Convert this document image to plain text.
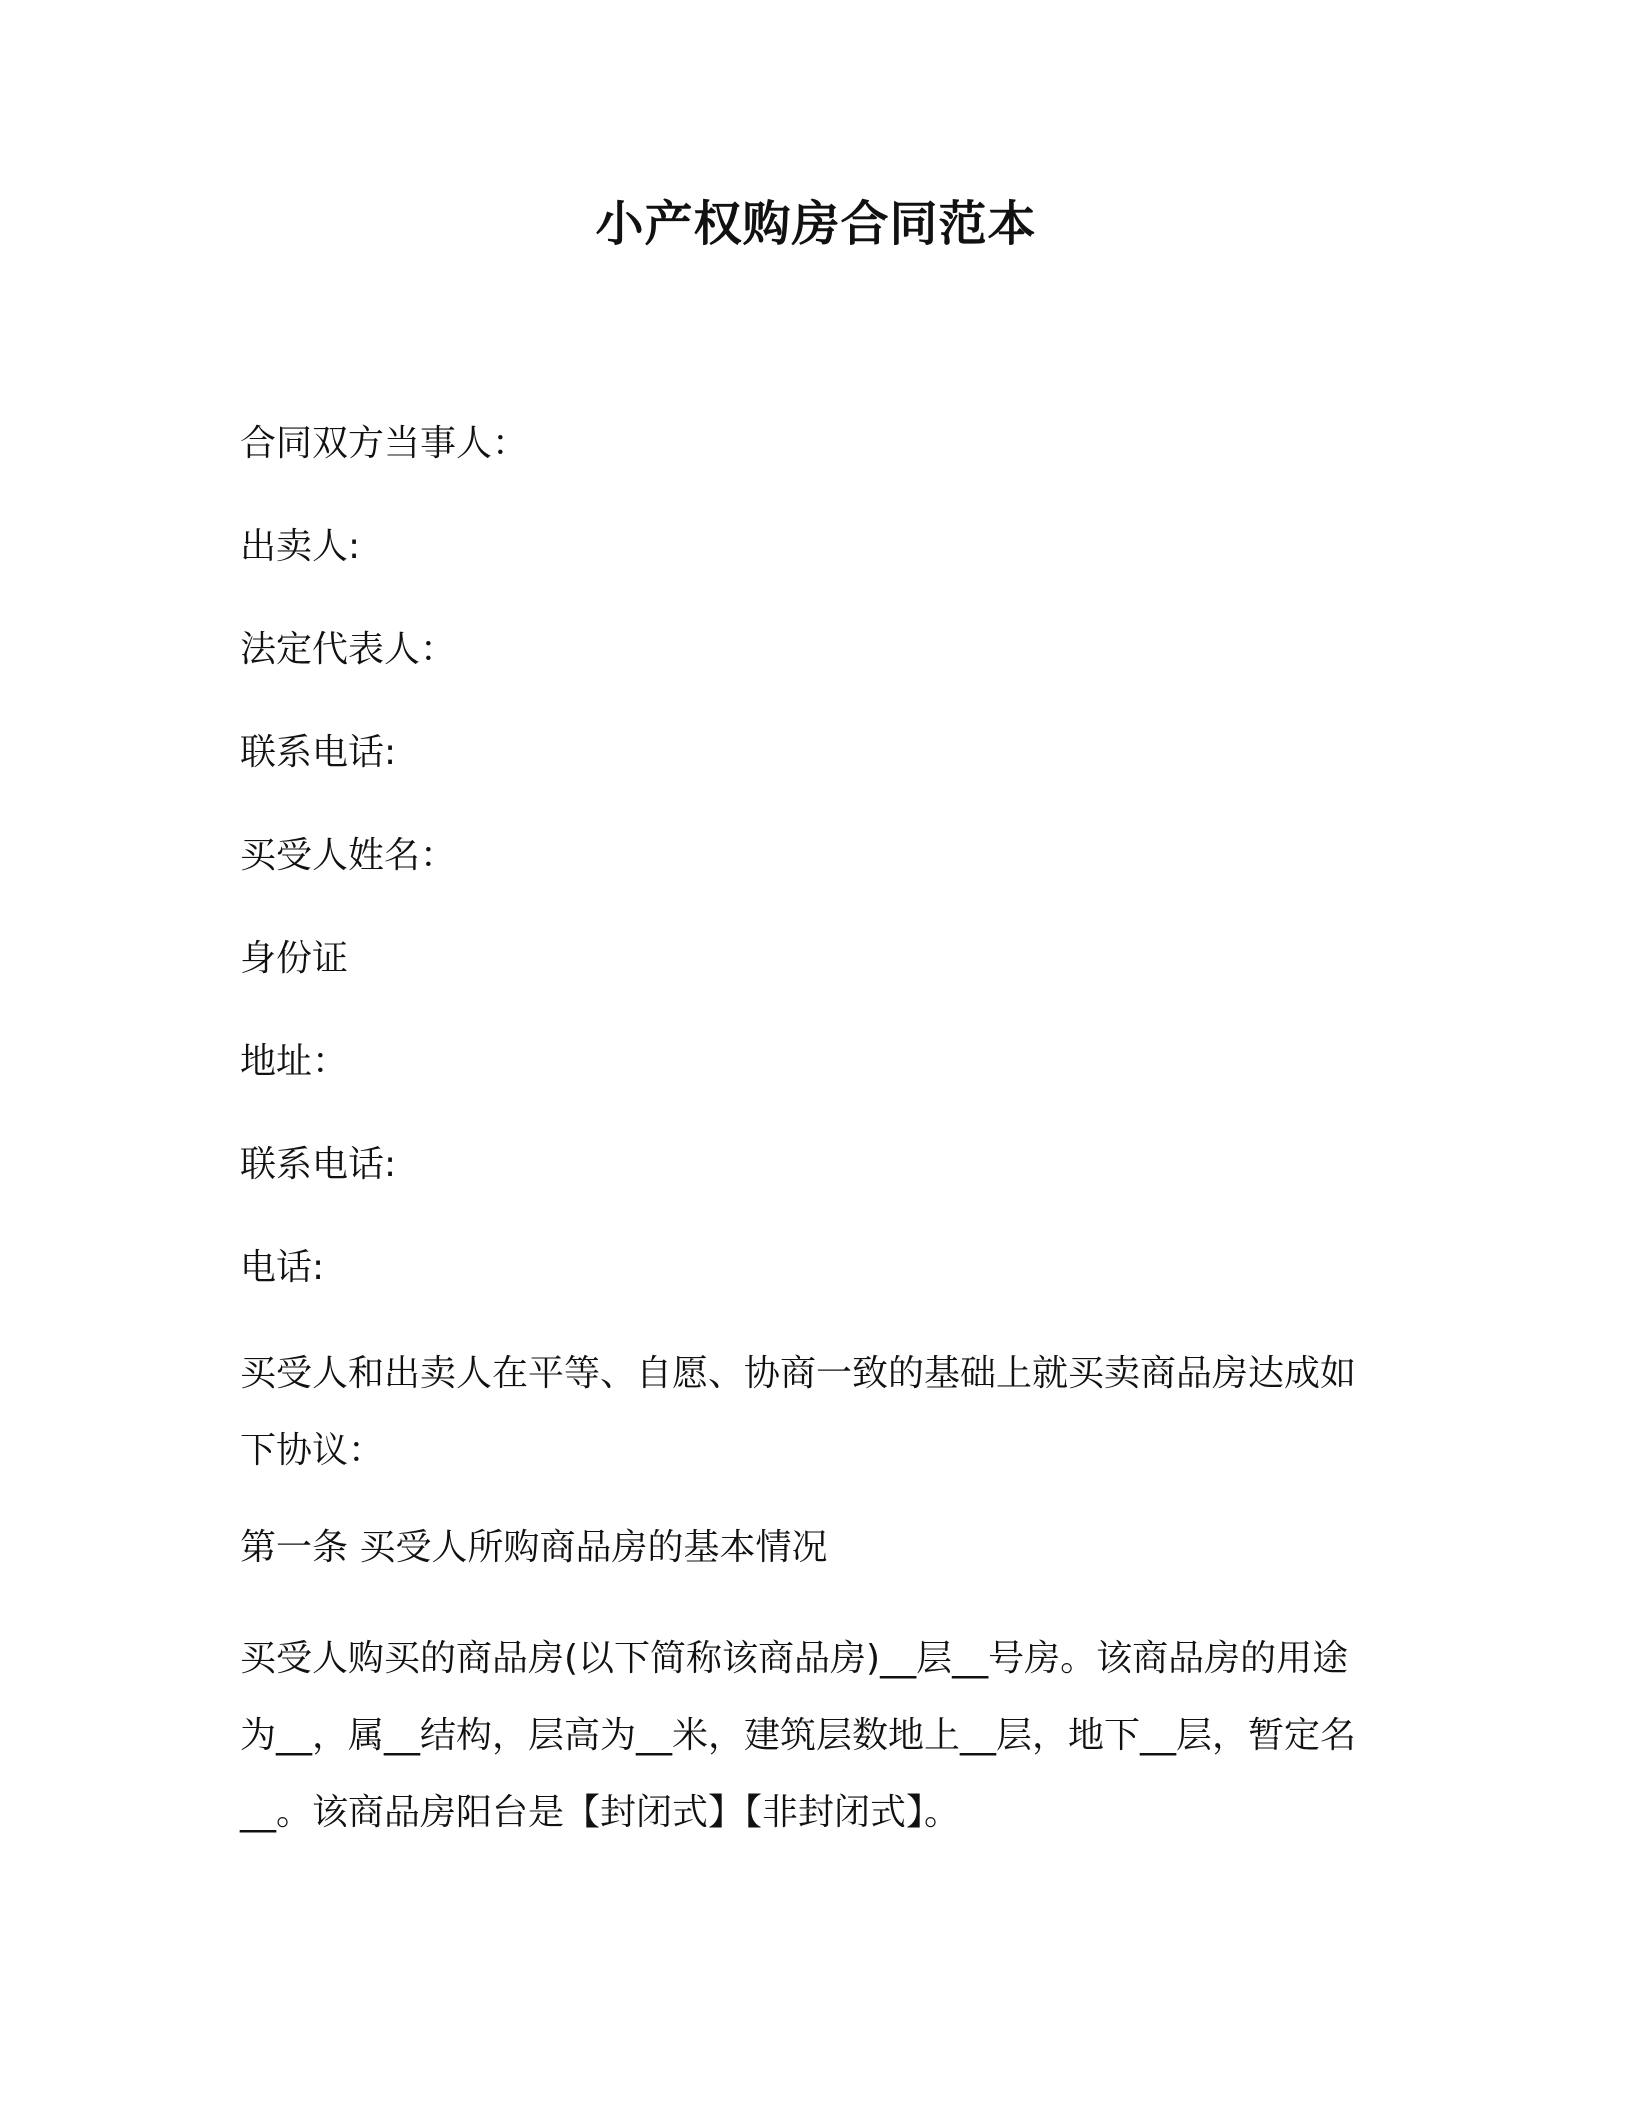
小产权购房合同范本
合同双方当事人：
出卖人:
法定代表人：
联系电话:
买受人姓名：
身份证
地址：
联系电话:
电话:
买受人和出卖人在平等、自愿、协商一致的基础上就买卖商品房达成如下协议：
第一条 买受人所购商品房的基本情况
买受人购买的商品房(以下简称该商品房)__层__号房。该商品房的用途为__，属__结构，层高为__米，建筑层数地上__层，地下__层，暂定名__。该商品房阳台是【封闭式】【非封闭式】。
